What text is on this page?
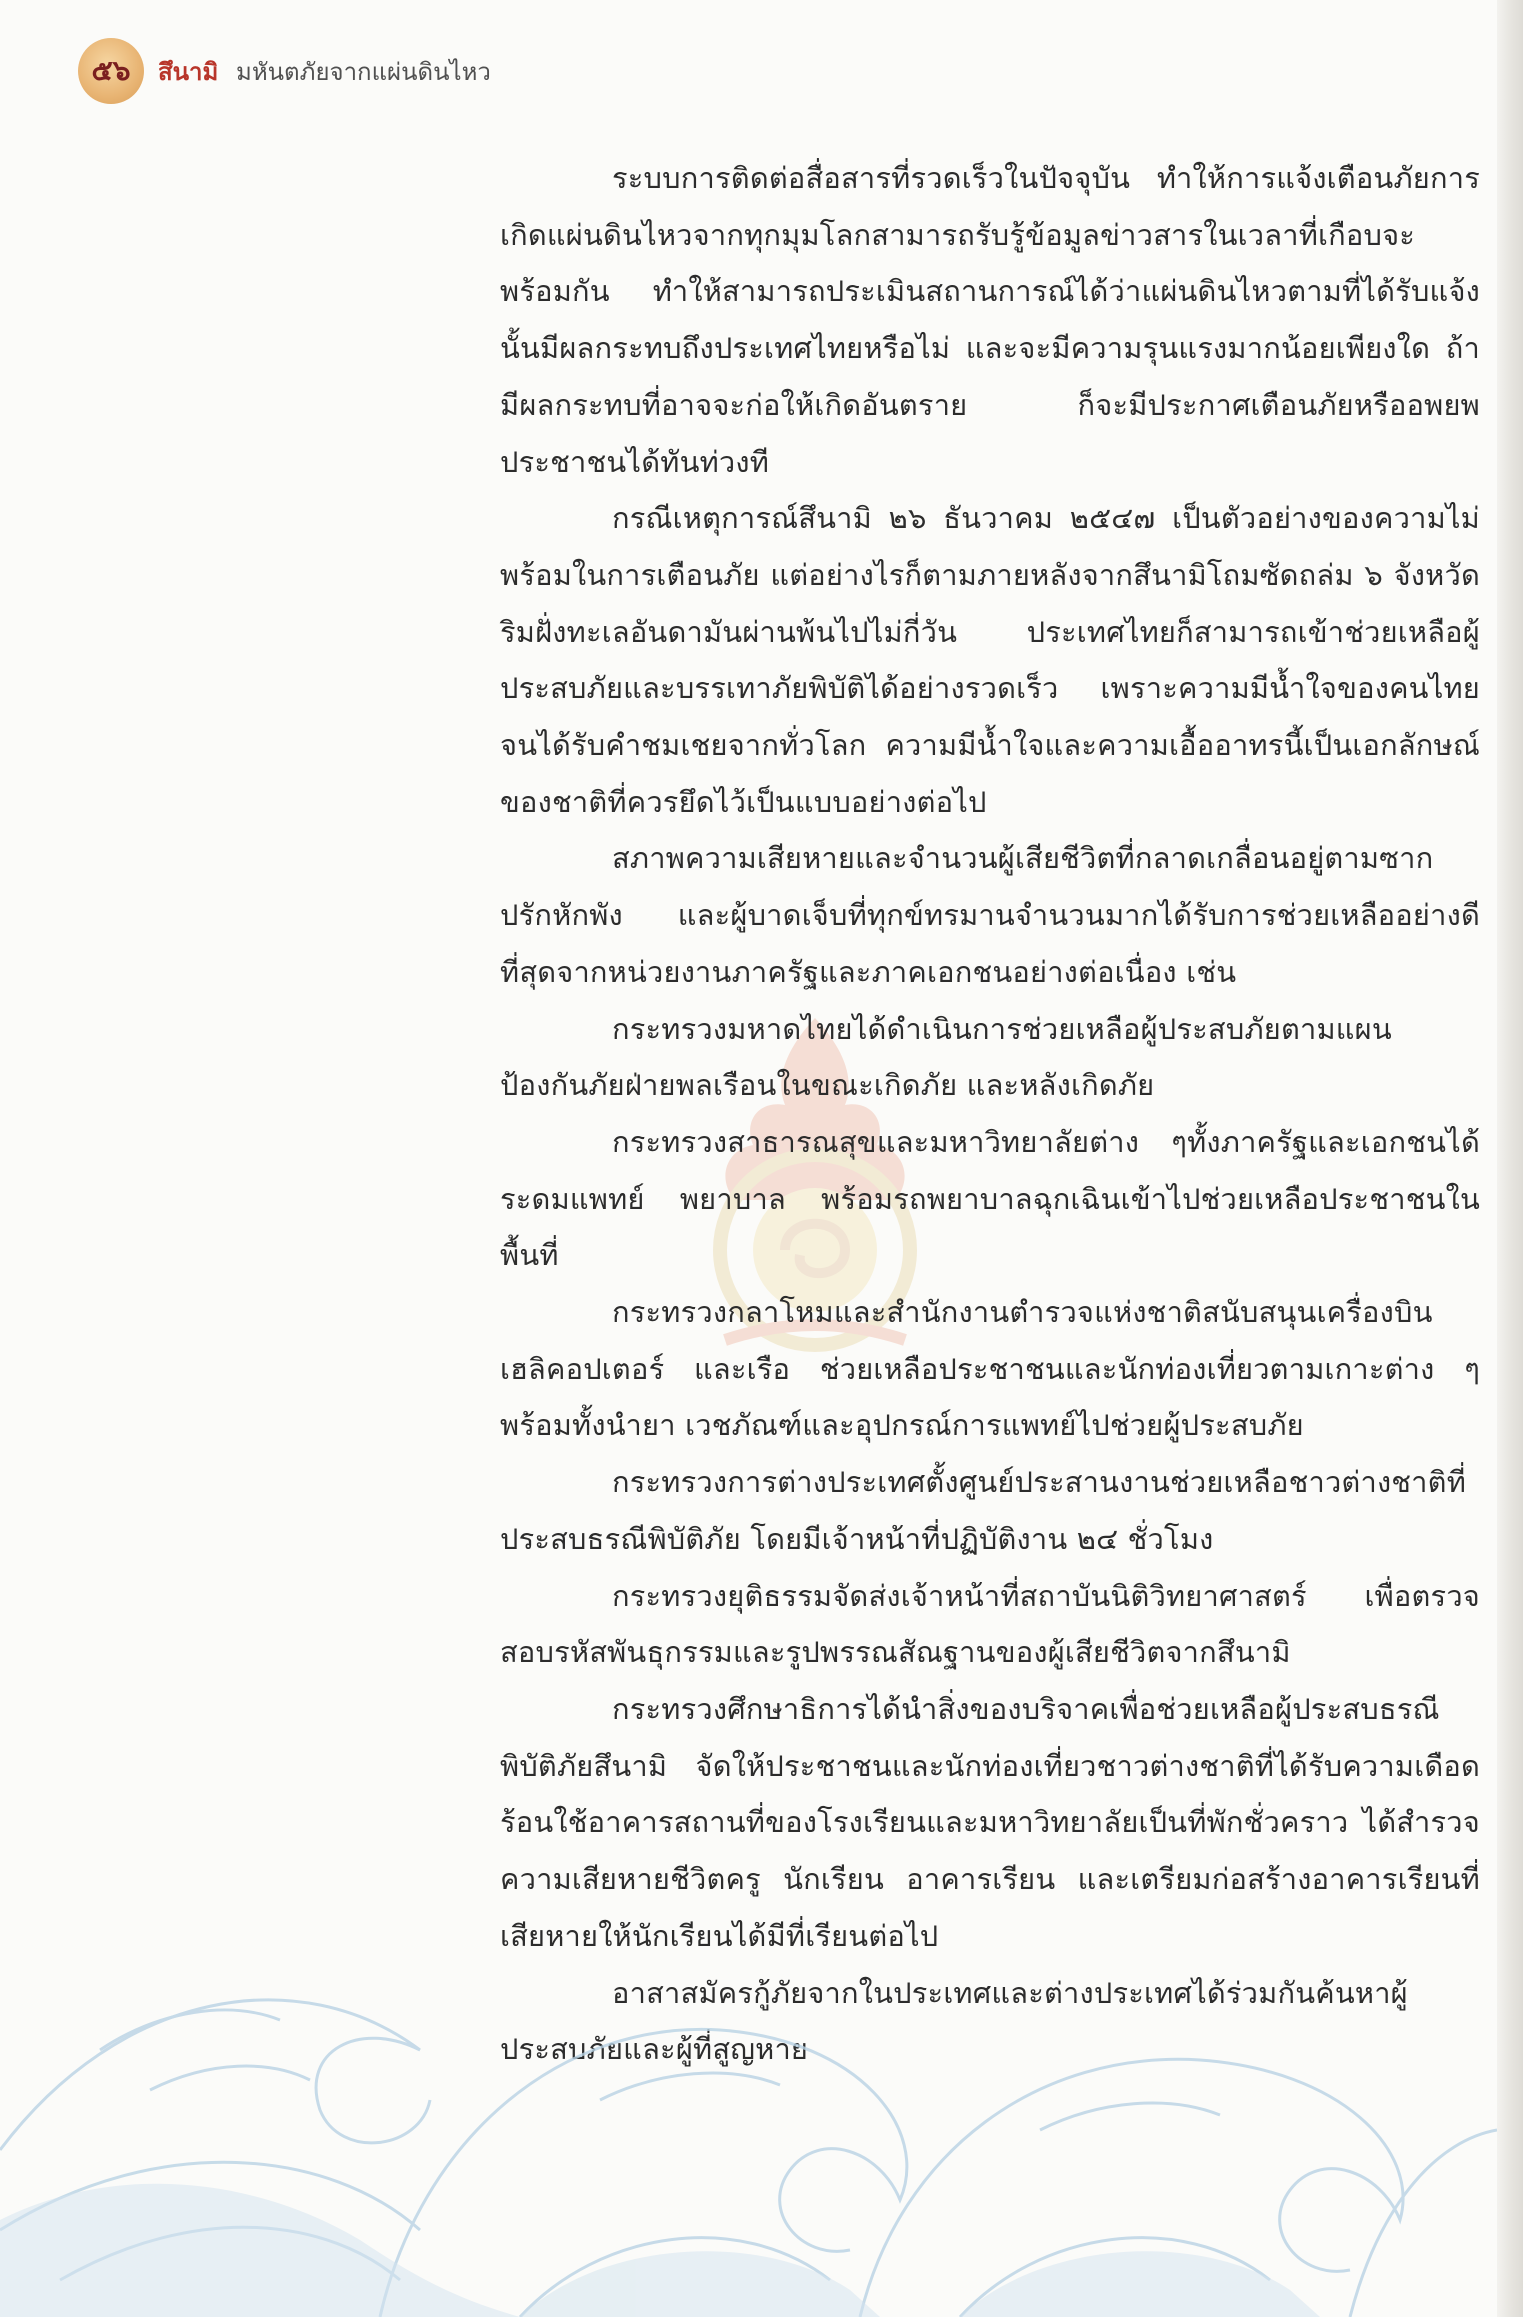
๕๖ สึนามิ มหันตภัยจากแผ่นดินไหว

ระบบการติดต่อสื่อสารที่รวดเร็วในปัจจุบัน ทำให้การแจ้งเตือนภัยการเกิดแผ่นดินไหวจากทุกมุมโลกสามารถรับรู้ข้อมูลข่าวสารในเวลาที่เกือบจะพร้อมกัน ทำให้สามารถประเมินสถานการณ์ได้ว่าแผ่นดินไหวตามที่ได้รับแจ้งนั้นมีผลกระทบถึงประเทศไทยหรือไม่ และจะมีความรุนแรงมากน้อยเพียงใด ถ้ามีผลกระทบที่อาจจะก่อให้เกิดอันตราย ก็จะมีประกาศเตือนภัยหรืออพยพประชาชนได้ทันท่วงที

กรณีเหตุการณ์สึนามิ ๒๖ ธันวาคม ๒๕๔๗ เป็นตัวอย่างของความไม่พร้อมในการเตือนภัย แต่อย่างไรก็ตามภายหลังจากสึนามิโถมซัดถล่ม ๖ จังหวัดริมฝั่งทะเลอันดามันผ่านพ้นไปไม่กี่วัน ประเทศไทยก็สามารถเข้าช่วยเหลือผู้ประสบภัยและบรรเทาภัยพิบัติได้อย่างรวดเร็ว เพราะความมีน้ำใจของคนไทยจนได้รับคำชมเชยจากทั่วโลก ความมีน้ำใจและความเอื้ออาทรนี้เป็นเอกลักษณ์ของชาติที่ควรยึดไว้เป็นแบบอย่างต่อไป

สภาพความเสียหายและจำนวนผู้เสียชีวิตที่กลาดเกลื่อนอยู่ตามซากปรักหักพัง และผู้บาดเจ็บที่ทุกข์ทรมานจำนวนมากได้รับการช่วยเหลืออย่างดีที่สุดจากหน่วยงานภาครัฐและภาคเอกชนอย่างต่อเนื่อง เช่น

กระทรวงมหาดไทยได้ดำเนินการช่วยเหลือผู้ประสบภัยตามแผนป้องกันภัยฝ่ายพลเรือนในขณะเกิดภัย และหลังเกิดภัย

กระทรวงสาธารณสุขและมหาวิทยาลัยต่าง ๆทั้งภาครัฐและเอกชนได้ระดมแพทย์ พยาบาล พร้อมรถพยาบาลฉุกเฉินเข้าไปช่วยเหลือประชาชนในพื้นที่

กระทรวงกลาโหมและสำนักงานตำรวจแห่งชาติสนับสนุนเครื่องบินเฮลิคอปเตอร์ และเรือ ช่วยเหลือประชาชนและนักท่องเที่ยวตามเกาะต่าง ๆ พร้อมทั้งนำยา เวชภัณฑ์และอุปกรณ์การแพทย์ไปช่วยผู้ประสบภัย

กระทรวงการต่างประเทศตั้งศูนย์ประสานงานช่วยเหลือชาวต่างชาติที่ประสบธรณีพิบัติภัย โดยมีเจ้าหน้าที่ปฏิบัติงาน ๒๔ ชั่วโมง

กระทรวงยุติธรรมจัดส่งเจ้าหน้าที่สถาบันนิติวิทยาศาสตร์ เพื่อตรวจสอบรหัสพันธุกรรมและรูปพรรณสัณฐานของผู้เสียชีวิตจากสึนามิ

กระทรวงศึกษาธิการได้นำสิ่งของบริจาคเพื่อช่วยเหลือผู้ประสบธรณีพิบัติภัยสึนามิ จัดให้ประชาชนและนักท่องเที่ยวชาวต่างชาติที่ได้รับความเดือดร้อนใช้อาคารสถานที่ของโรงเรียนและมหาวิทยาลัยเป็นที่พักชั่วคราว ได้สำรวจความเสียหายชีวิตครู นักเรียน อาคารเรียน และเตรียมก่อสร้างอาคารเรียนที่เสียหายให้นักเรียนได้มีที่เรียนต่อไป

อาสาสมัครกู้ภัยจากในประเทศและต่างประเทศได้ร่วมกันค้นหาผู้ประสบภัยและผู้ที่สูญหาย
